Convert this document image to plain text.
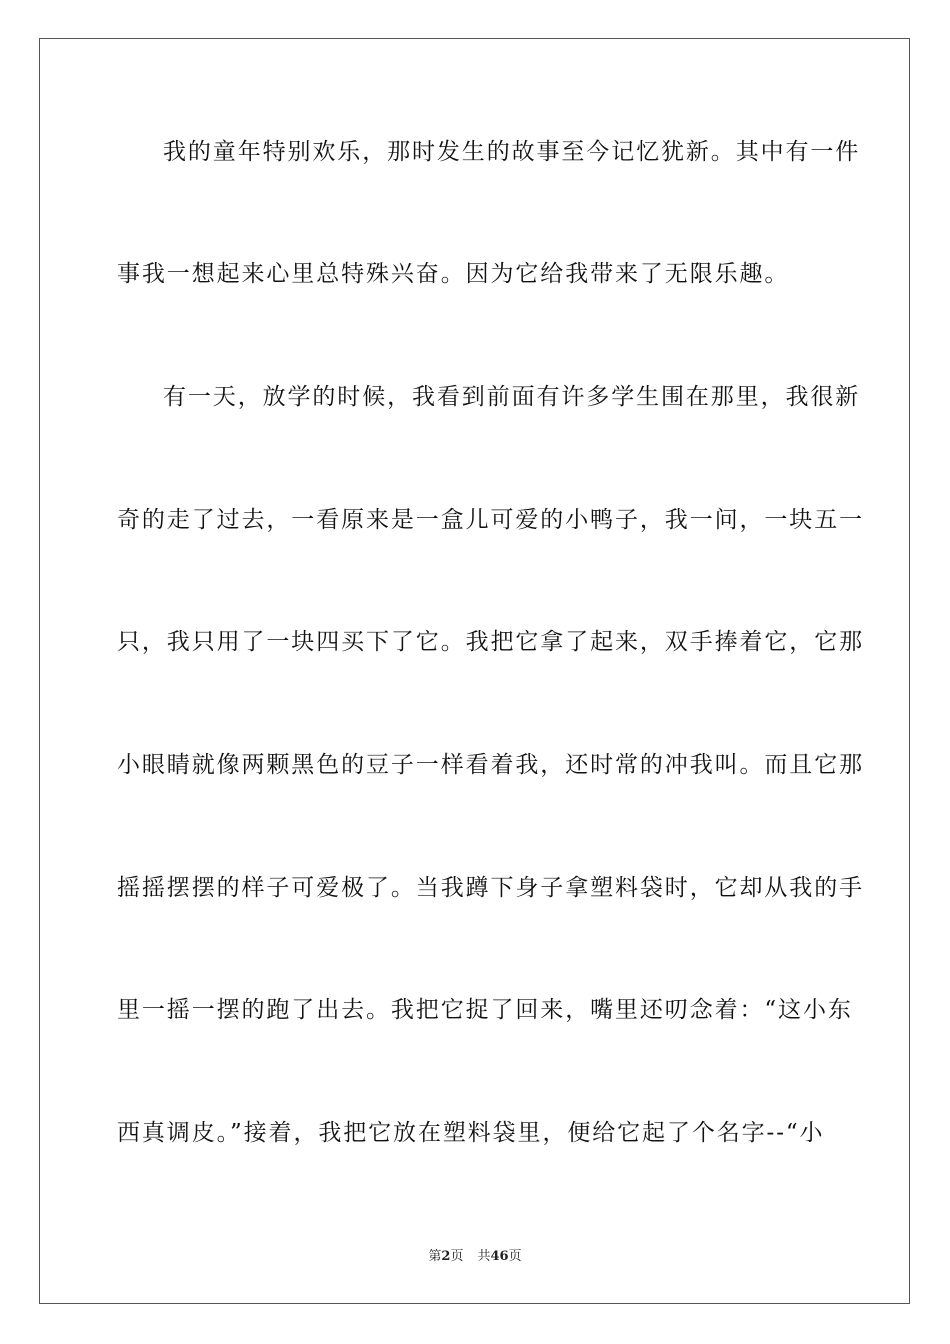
我的童年特别欢乐，那时发生的故事至今记忆犹新。其中有一件
事我一想起来心里总特殊兴奋。因为它给我带来了无限乐趣。
有一天，放学的时候，我看到前面有许多学生围在那里，我很新
奇的走了过去，一看原来是一盒儿可爱的小鸭子，我一问，一块五一
只，我只用了一块四买下了它。我把它拿了起来，双手捧着它，它那
小眼睛就像两颗黑色的豆子一样看着我，还时常的冲我叫。而且它那
摇摇摆摆的样子可爱极了。当我蹲下身子拿塑料袋时，它却从我的手
里一摇一摆的跑了出去。我把它捉了回来，嘴里还叨念着：“这小东
西真调皮。”接着，我把它放在塑料袋里，便给它起了个名字--“小
第2页 共46页
